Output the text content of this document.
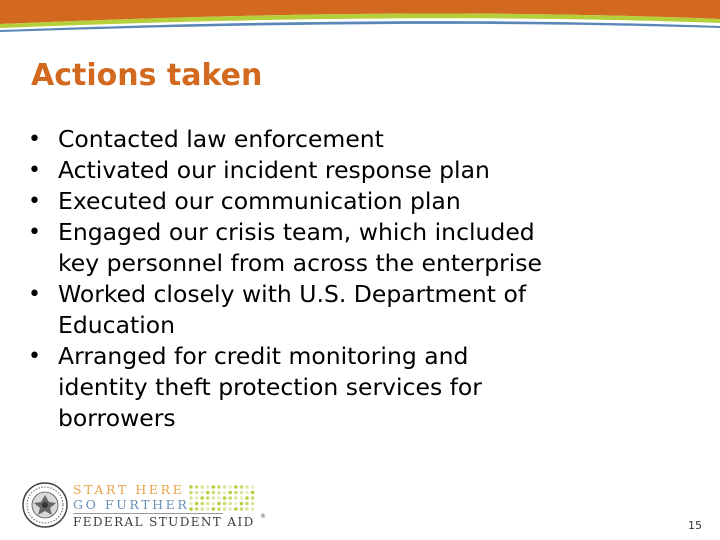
Actions taken
• Contacted law enforcement
• Activated our incident response plan
• Executed our communication plan
• Engaged our crisis team, which included
key personnel from across the enterprise
• Worked closely with U.S. Department of
Education
• Arranged for credit monitoring and
identity theft protection services for
borrowers
START HERE
GO FURTHER
FEDERAL STUDENT AID ®
15
